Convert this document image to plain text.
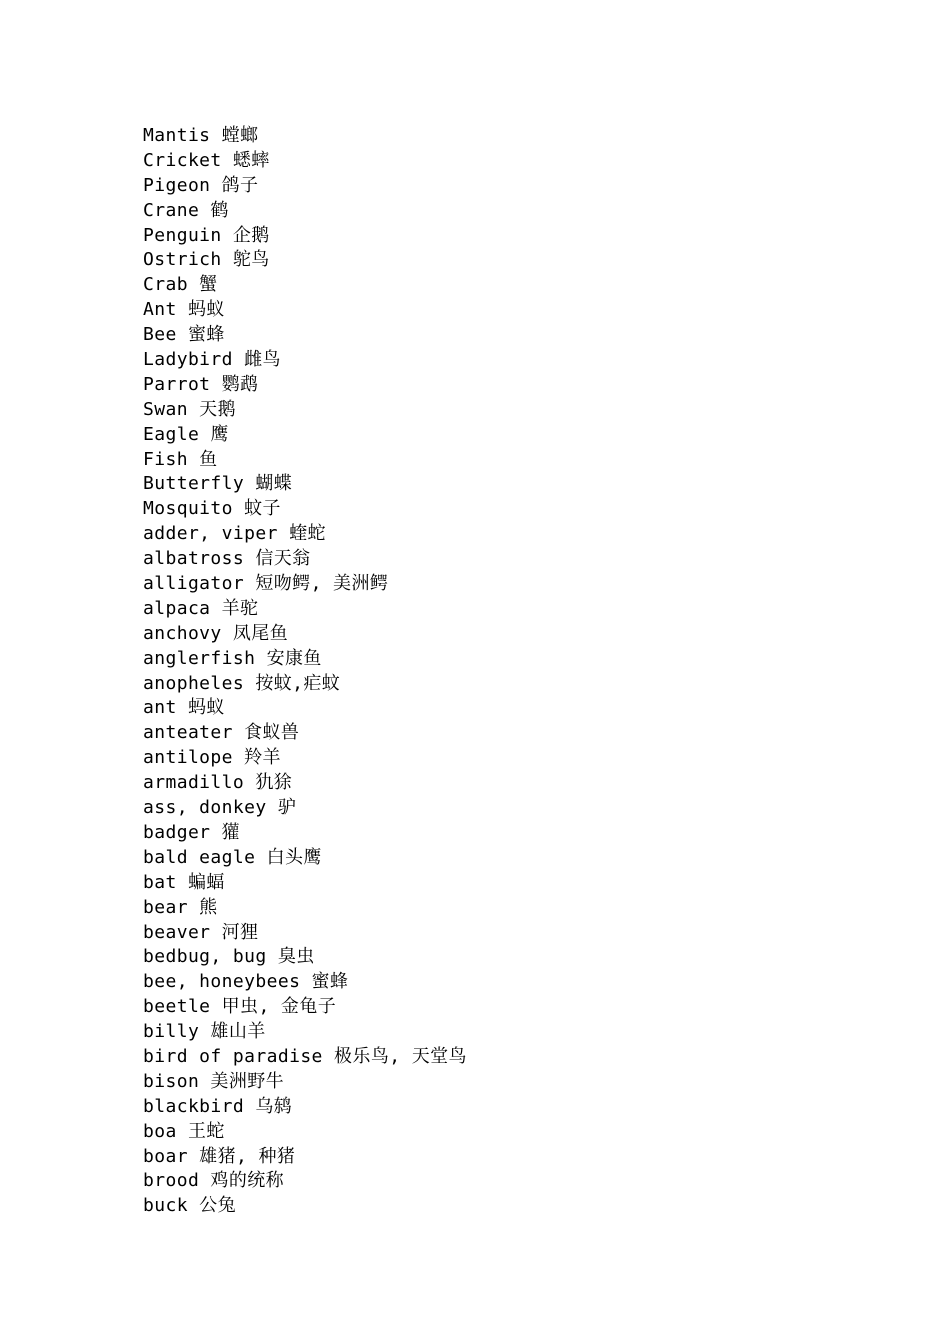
Mantis 螳螂
Cricket 蟋蟀
Pigeon 鸽子
Crane 鹤
Penguin 企鹅
Ostrich 鸵鸟
Crab 蟹
Ant 蚂蚁
Bee 蜜蜂
Ladybird 雌鸟
Parrot 鹦鹉
Swan 天鹅
Eagle 鹰
Fish 鱼
Butterfly 蝴蝶
Mosquito 蚊子
adder, viper 蝰蛇
albatross 信天翁
alligator 短吻鳄, 美洲鳄
alpaca 羊驼
anchovy 凤尾鱼
anglerfish 安康鱼
anopheles 按蚊,疟蚊
ant 蚂蚁
anteater 食蚁兽
antilope 羚羊
armadillo 犰狳
ass, donkey 驴
badger 獾
bald eagle 白头鹰
bat 蝙蝠
bear 熊
beaver 河狸
bedbug, bug 臭虫
bee, honeybees 蜜蜂
beetle 甲虫, 金龟子
billy 雄山羊
bird of paradise 极乐鸟, 天堂鸟
bison 美洲野牛
blackbird 乌鸫
boa 王蛇
boar 雄猪, 种猪
brood 鸡的统称
buck 公兔
